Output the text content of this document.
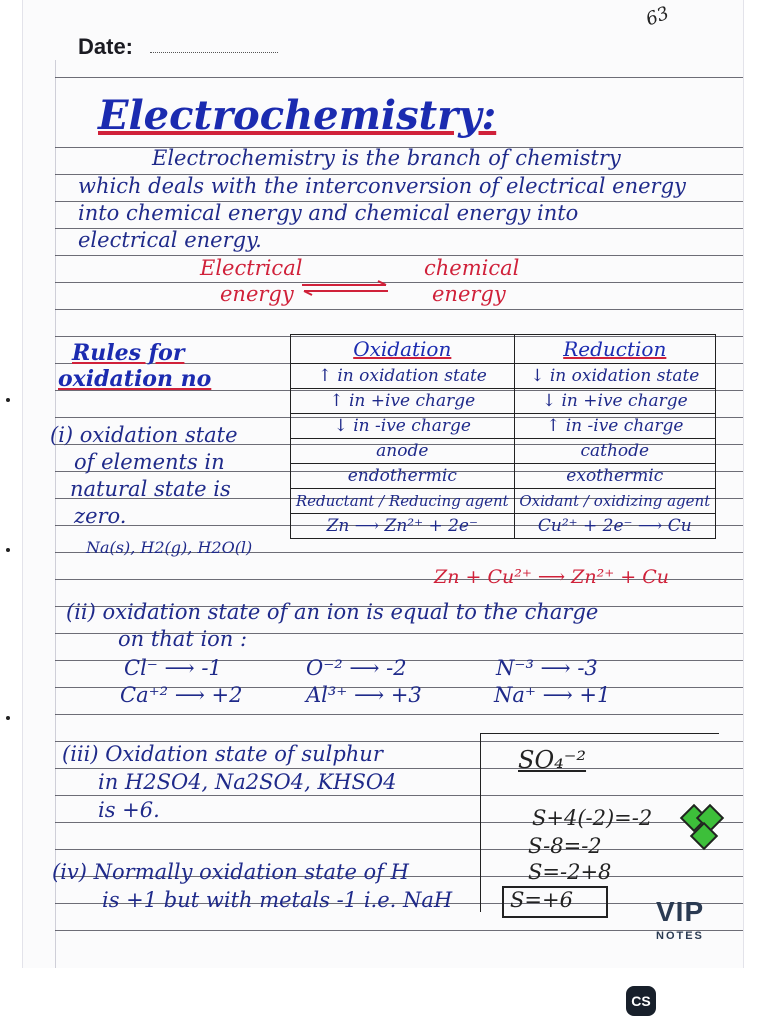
Date:
63
Electrochemistry:
Electrochemistry is the branch of chemistry
which deals with the interconversion of electrical energy
into chemical energy and chemical energy into
electrical energy.
Electrical
energy
chemical
energy
Rules for
oxidation no
(i) oxidation state
of elements in
natural state is
zero.
Na(s), H2(g), H2O(l)
Oxidation	Reduction
↑ in oxidation state	↓ in oxidation state
↑ in +ive charge	↓ in +ive charge
↓ in -ive charge	↑ in -ive charge
anode	cathode
endothermic	exothermic
Reductant / Reducing agent	Oxidant / oxidizing agent
Zn ⟶ Zn²⁺ + 2e⁻	Cu²⁺ + 2e⁻ ⟶ Cu
Zn + Cu²⁺ ⟶ Zn²⁺ + Cu
(ii) oxidation state of an ion is equal to the charge
on that ion :
Cl⁻ ⟶ -1	O⁻² ⟶ -2	N⁻³ ⟶ -3
Ca⁺² ⟶ +2	Al³⁺ ⟶ +3	Na⁺ ⟶ +1
(iii) Oxidation state of sulphur
in H2SO4, Na2SO4, KHSO4
is +6.
(iv) Normally oxidation state of H
is +1 but with metals -1 i.e. NaH
SO₄⁻²
S+4(-2)=-2
S-8=-2
S=-2+8
S=+6	VIP
NOTES
CS
